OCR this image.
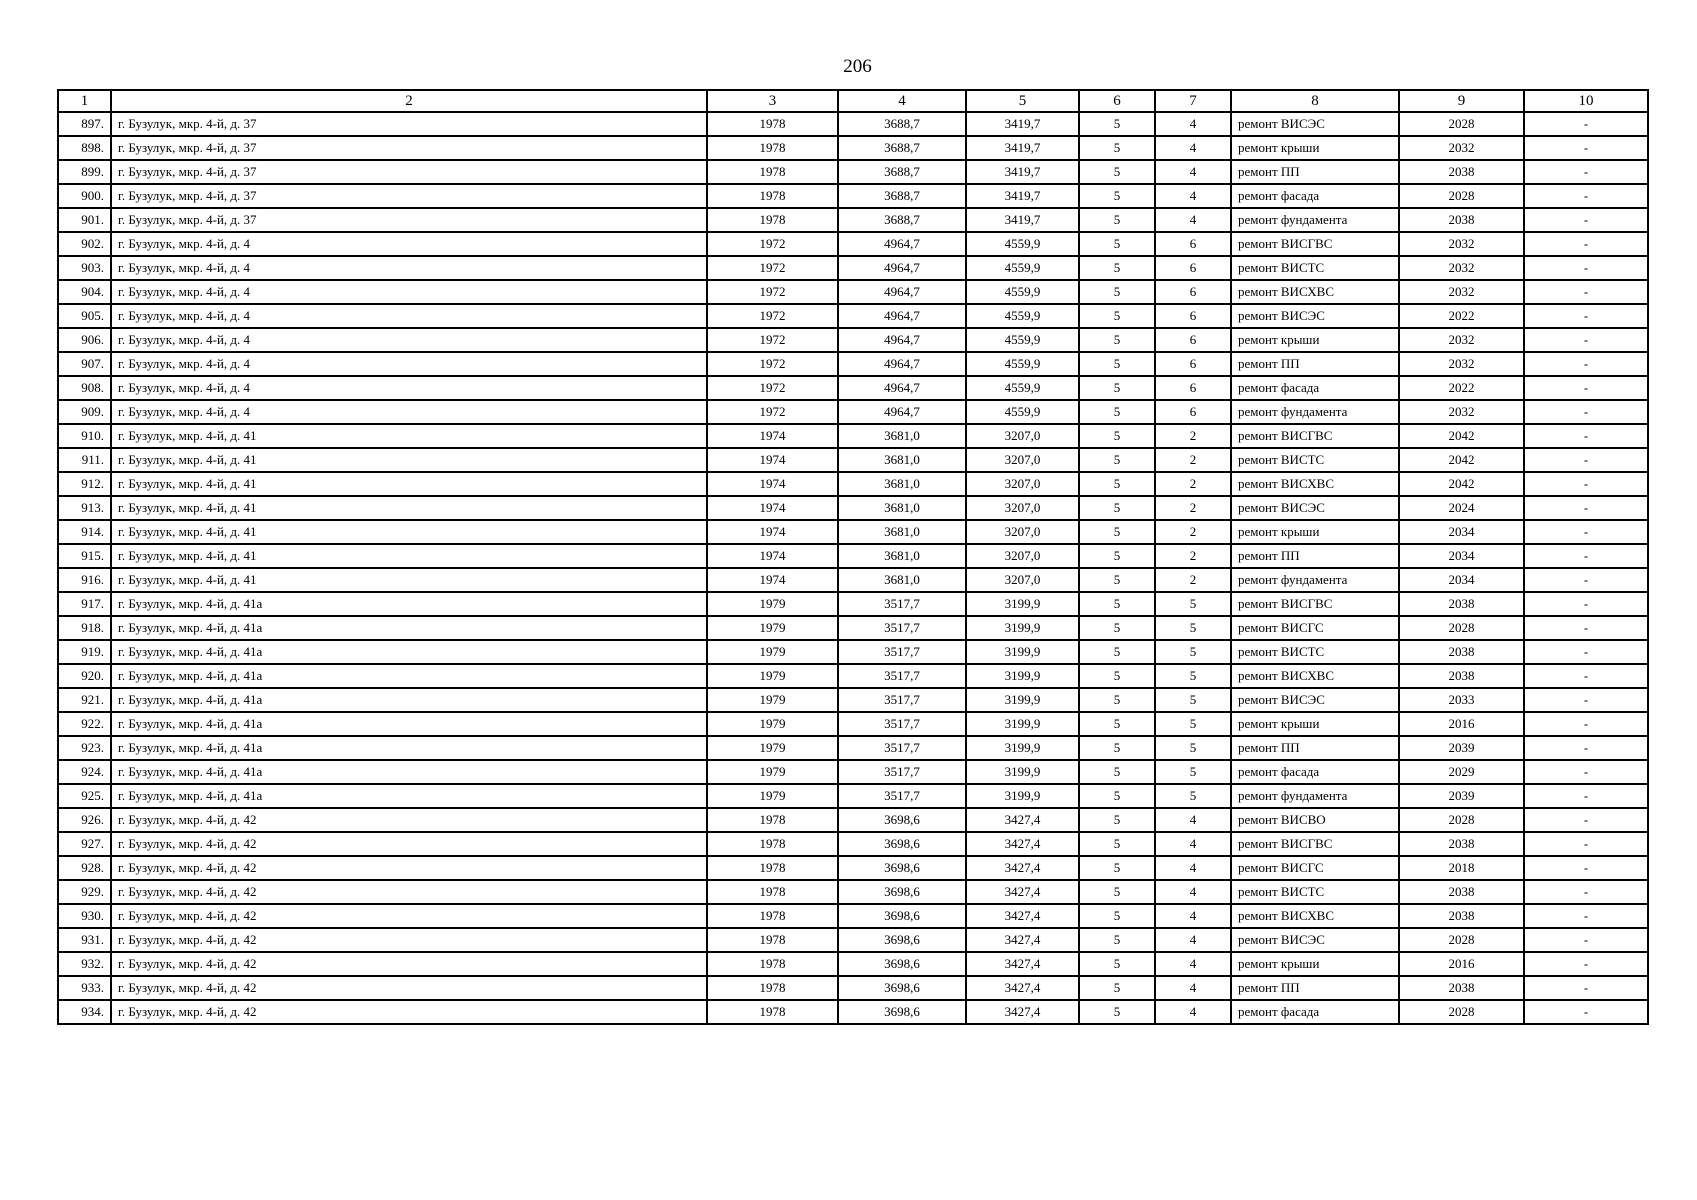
206
1	2	3	4	5	6	7	8	9	10
897.	г. Бузулук, мкр. 4-й, д. 37	1978	3688,7	3419,7	5	4	ремонт ВИСЭС	2028	-
898.	г. Бузулук, мкр. 4-й, д. 37	1978	3688,7	3419,7	5	4	ремонт крыши	2032	-
899.	г. Бузулук, мкр. 4-й, д. 37	1978	3688,7	3419,7	5	4	ремонт ПП	2038	-
900.	г. Бузулук, мкр. 4-й, д. 37	1978	3688,7	3419,7	5	4	ремонт фасада	2028	-
901.	г. Бузулук, мкр. 4-й, д. 37	1978	3688,7	3419,7	5	4	ремонт фундамента	2038	-
902.	г. Бузулук, мкр. 4-й, д. 4	1972	4964,7	4559,9	5	6	ремонт ВИСГВС	2032	-
903.	г. Бузулук, мкр. 4-й, д. 4	1972	4964,7	4559,9	5	6	ремонт ВИСТС	2032	-
904.	г. Бузулук, мкр. 4-й, д. 4	1972	4964,7	4559,9	5	6	ремонт ВИСХВС	2032	-
905.	г. Бузулук, мкр. 4-й, д. 4	1972	4964,7	4559,9	5	6	ремонт ВИСЭС	2022	-
906.	г. Бузулук, мкр. 4-й, д. 4	1972	4964,7	4559,9	5	6	ремонт крыши	2032	-
907.	г. Бузулук, мкр. 4-й, д. 4	1972	4964,7	4559,9	5	6	ремонт ПП	2032	-
908.	г. Бузулук, мкр. 4-й, д. 4	1972	4964,7	4559,9	5	6	ремонт фасада	2022	-
909.	г. Бузулук, мкр. 4-й, д. 4	1972	4964,7	4559,9	5	6	ремонт фундамента	2032	-
910.	г. Бузулук, мкр. 4-й, д. 41	1974	3681,0	3207,0	5	2	ремонт ВИСГВС	2042	-
911.	г. Бузулук, мкр. 4-й, д. 41	1974	3681,0	3207,0	5	2	ремонт ВИСТС	2042	-
912.	г. Бузулук, мкр. 4-й, д. 41	1974	3681,0	3207,0	5	2	ремонт ВИСХВС	2042	-
913.	г. Бузулук, мкр. 4-й, д. 41	1974	3681,0	3207,0	5	2	ремонт ВИСЭС	2024	-
914.	г. Бузулук, мкр. 4-й, д. 41	1974	3681,0	3207,0	5	2	ремонт крыши	2034	-
915.	г. Бузулук, мкр. 4-й, д. 41	1974	3681,0	3207,0	5	2	ремонт ПП	2034	-
916.	г. Бузулук, мкр. 4-й, д. 41	1974	3681,0	3207,0	5	2	ремонт фундамента	2034	-
917.	г. Бузулук, мкр. 4-й, д. 41а	1979	3517,7	3199,9	5	5	ремонт ВИСГВС	2038	-
918.	г. Бузулук, мкр. 4-й, д. 41а	1979	3517,7	3199,9	5	5	ремонт ВИСГС	2028	-
919.	г. Бузулук, мкр. 4-й, д. 41а	1979	3517,7	3199,9	5	5	ремонт ВИСТС	2038	-
920.	г. Бузулук, мкр. 4-й, д. 41а	1979	3517,7	3199,9	5	5	ремонт ВИСХВС	2038	-
921.	г. Бузулук, мкр. 4-й, д. 41а	1979	3517,7	3199,9	5	5	ремонт ВИСЭС	2033	-
922.	г. Бузулук, мкр. 4-й, д. 41а	1979	3517,7	3199,9	5	5	ремонт крыши	2016	-
923.	г. Бузулук, мкр. 4-й, д. 41а	1979	3517,7	3199,9	5	5	ремонт ПП	2039	-
924.	г. Бузулук, мкр. 4-й, д. 41а	1979	3517,7	3199,9	5	5	ремонт фасада	2029	-
925.	г. Бузулук, мкр. 4-й, д. 41а	1979	3517,7	3199,9	5	5	ремонт фундамента	2039	-
926.	г. Бузулук, мкр. 4-й, д. 42	1978	3698,6	3427,4	5	4	ремонт ВИСВО	2028	-
927.	г. Бузулук, мкр. 4-й, д. 42	1978	3698,6	3427,4	5	4	ремонт ВИСГВС	2038	-
928.	г. Бузулук, мкр. 4-й, д. 42	1978	3698,6	3427,4	5	4	ремонт ВИСГС	2018	-
929.	г. Бузулук, мкр. 4-й, д. 42	1978	3698,6	3427,4	5	4	ремонт ВИСТС	2038	-
930.	г. Бузулук, мкр. 4-й, д. 42	1978	3698,6	3427,4	5	4	ремонт ВИСХВС	2038	-
931.	г. Бузулук, мкр. 4-й, д. 42	1978	3698,6	3427,4	5	4	ремонт ВИСЭС	2028	-
932.	г. Бузулук, мкр. 4-й, д. 42	1978	3698,6	3427,4	5	4	ремонт крыши	2016	-
933.	г. Бузулук, мкр. 4-й, д. 42	1978	3698,6	3427,4	5	4	ремонт ПП	2038	-
934.	г. Бузулук, мкр. 4-й, д. 42	1978	3698,6	3427,4	5	4	ремонт фасада	2028	-
